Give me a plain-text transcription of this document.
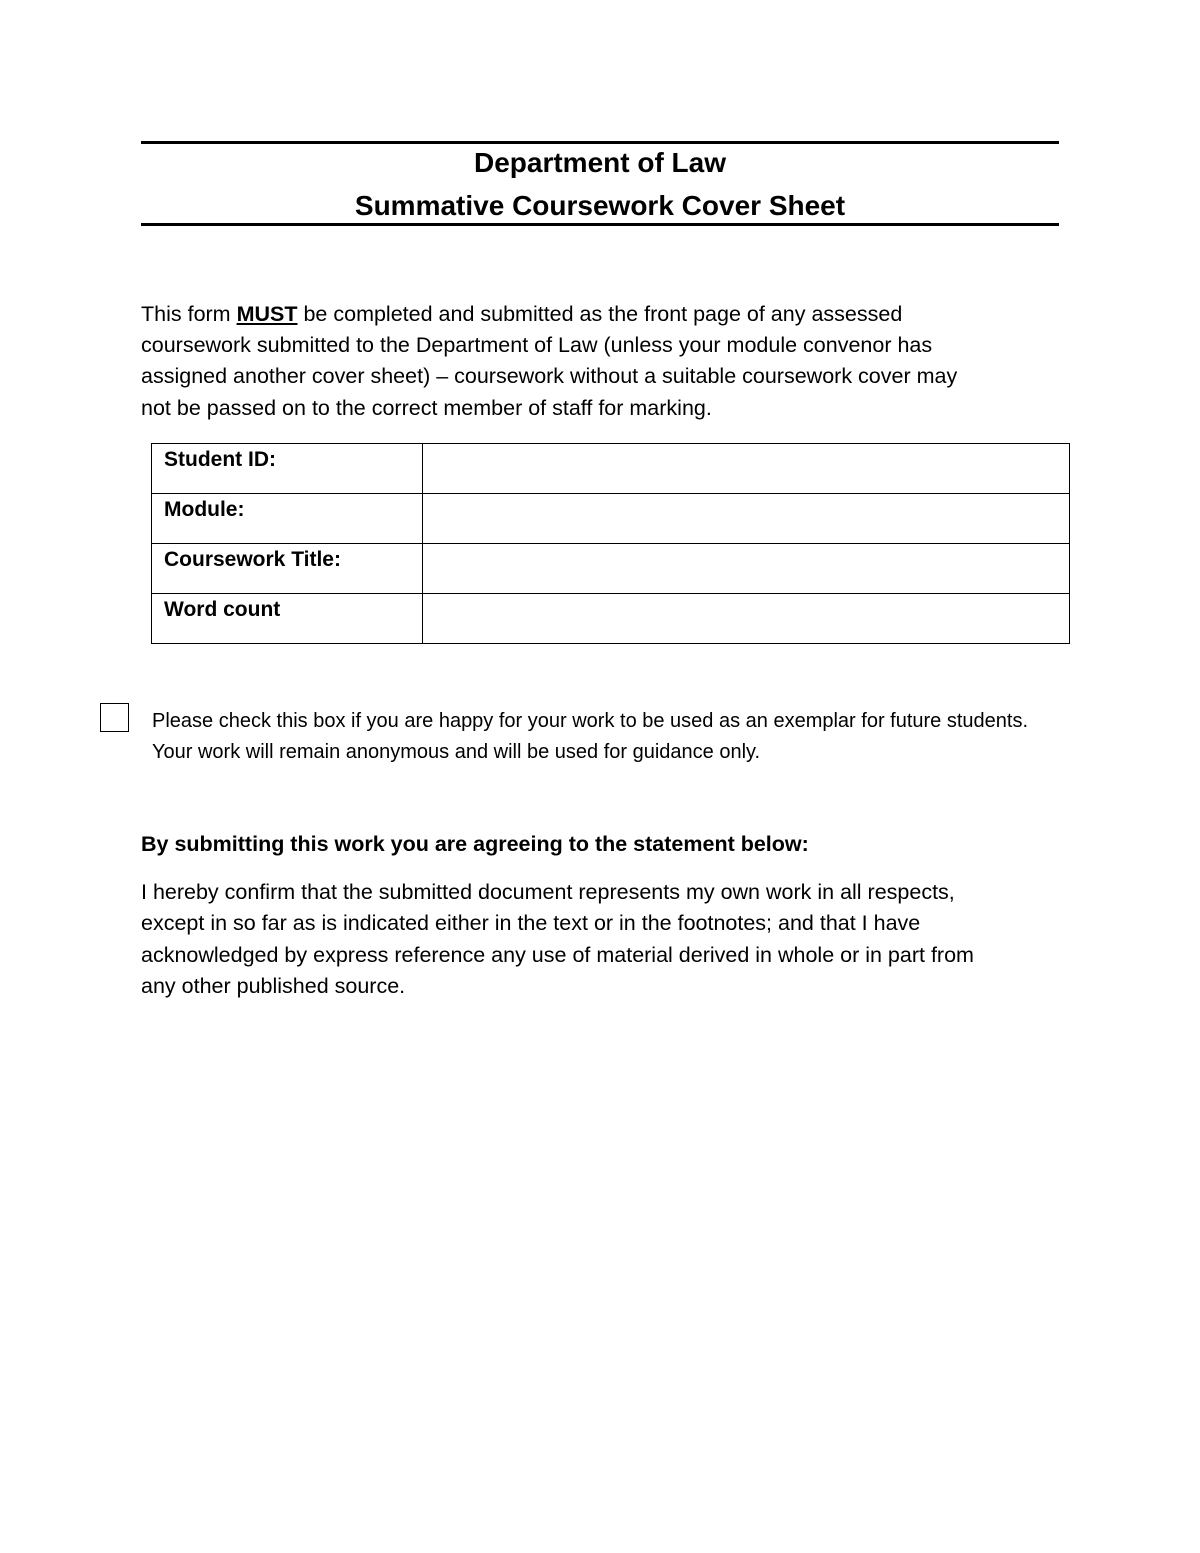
Department of Law
Summative Coursework Cover Sheet
This form MUST be completed and submitted as the front page of any assessed
coursework submitted to the Department of Law (unless your module convenor has
assigned another cover sheet) – coursework without a suitable coursework cover may
not be passed on to the correct member of staff for marking.
Student ID:	
Module:	
Coursework Title:	
Word count	
Please check this box if you are happy for your work to be used as an exemplar for future students.
Your work will remain anonymous and will be used for guidance only.
By submitting this work you are agreeing to the statement below:
I hereby confirm that the submitted document represents my own work in all respects,
except in so far as is indicated either in the text or in the footnotes; and that I have
acknowledged by express reference any use of material derived in whole or in part from
any other published source.
